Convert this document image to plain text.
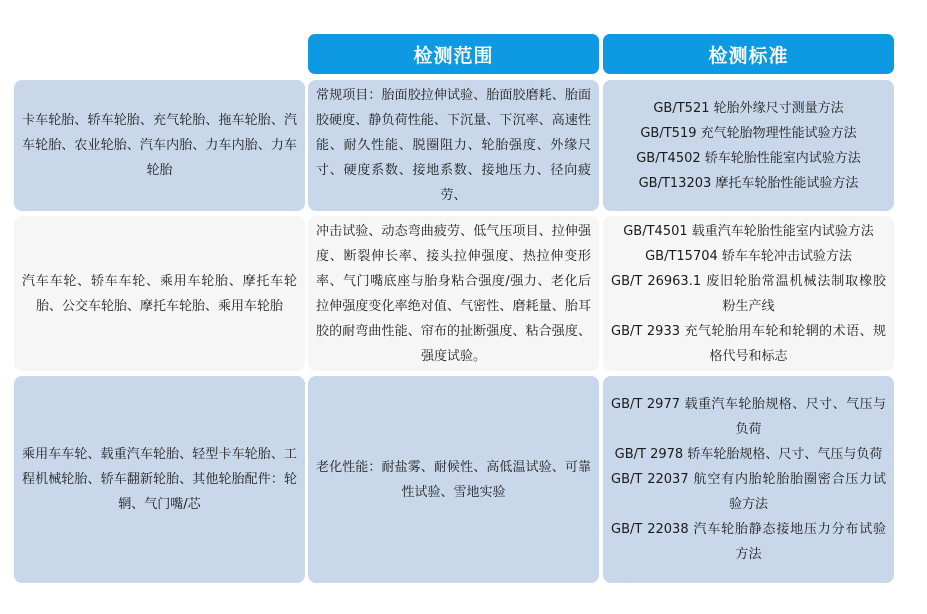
检测范围	检测标准
卡车轮胎、轿车轮胎、充气轮胎、拖车轮胎、汽车轮胎、农业轮胎、汽车内胎、力车内胎、力车轮胎
常规项目：胎面胶拉伸试验、胎面胶磨耗、胎面胶硬度、静负荷性能、下沉量、下沉率、高速性能、耐久性能、脱圈阻力、轮胎强度、外缘尺寸、硬度系数、接地系数、接地压力、径向疲劳、
GB/T521 轮胎外缘尺寸测量方法
GB/T519 充气轮胎物理性能试验方法
GB/T4502 轿车轮胎性能室内试验方法
GB/T13203 摩托车轮胎性能试验方法
汽车车轮、轿车车轮、乘用车轮胎、摩托车轮胎、公交车轮胎、摩托车轮胎、乘用车轮胎
冲击试验、动态弯曲疲劳、低气压项目、拉伸强度、断裂伸长率、接头拉伸强度、热拉伸变形率、气门嘴底座与胎身粘合强度/强力、老化后拉伸强度变化率绝对值、气密性、磨耗量、胎耳胶的耐弯曲性能、帘布的扯断强度、粘合强度、强度试验。
GB/T4501 载重汽车轮胎性能室内试验方法
GB/T15704 轿车车轮冲击试验方法
GB/T 26963.1 废旧轮胎常温机械法制取橡胶粉生产线
GB/T 2933 充气轮胎用车轮和轮辋的术语、规格代号和标志
乘用车车轮、载重汽车轮胎、轻型卡车轮胎、工程机械轮胎、轿车翻新轮胎、其他轮胎配件：轮辋、气门嘴/芯
老化性能：耐盐雾、耐候性、高低温试验、可靠性试验、雪地实验
GB/T 2977 载重汽车轮胎规格、尺寸、气压与负荷
GB/T 2978 轿车轮胎规格、尺寸、气压与负荷
GB/T 22037 航空有内胎轮胎胎圈密合压力试验方法
GB/T 22038 汽车轮胎静态接地压力分布试验方法
